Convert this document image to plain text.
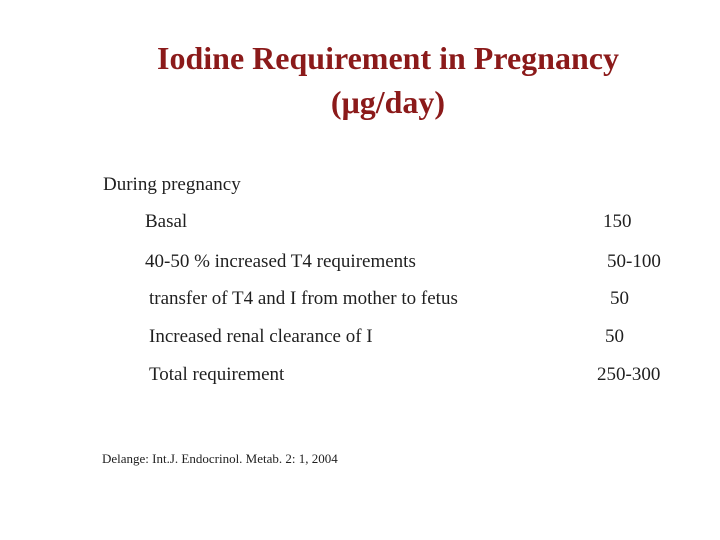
Iodine Requirement in Pregnancy
(μg/day)
During pregnancy
Basal	150
40-50 % increased T4 requirements	50-100
transfer of T4 and I from mother to fetus	50
Increased renal clearance of I	50
Total requirement	250-300
Delange: Int.J. Endocrinol. Metab. 2: 1, 2004
